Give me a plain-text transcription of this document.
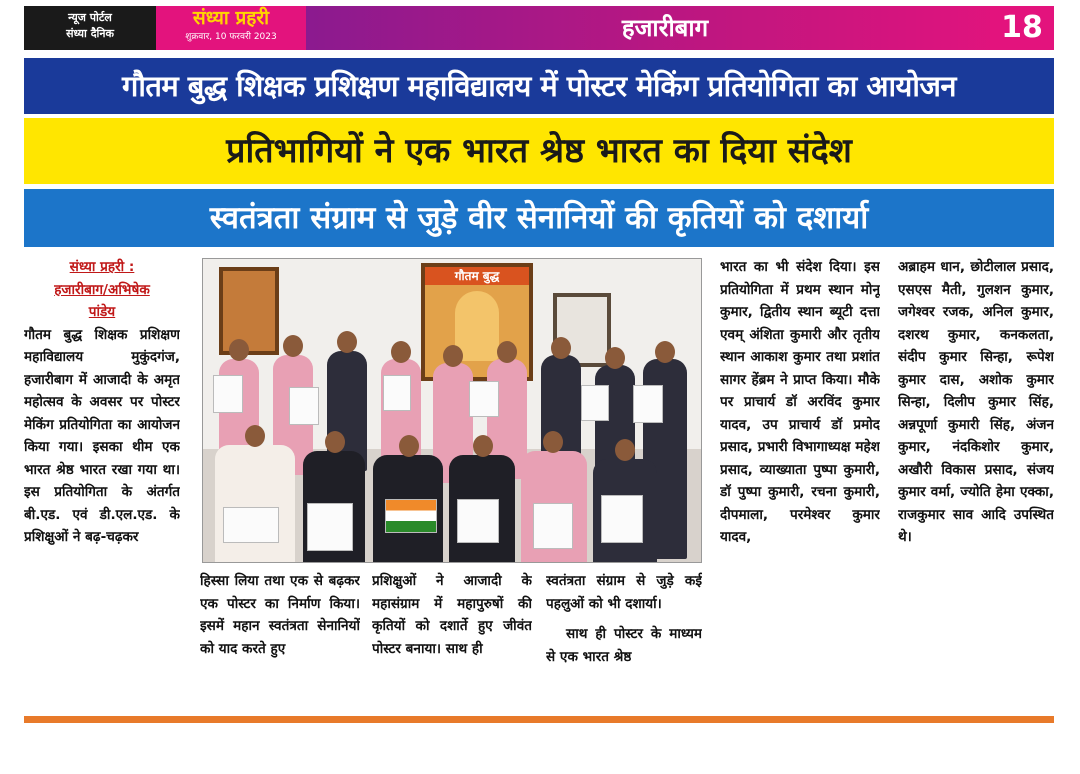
न्यूज पोर्टल
संध्या दैनिक
संध्या प्रहरी
शुक्रवार, 10 फरवरी 2023	हजारीबाग	18
गौतम बुद्ध शिक्षक प्रशिक्षण महाविद्यालय में पोस्टर मेकिंग प्रतियोगिता का आयोजन
प्रतिभागियों ने एक भारत श्रेष्ठ भारत का दिया संदेश
स्वतंत्रता संग्राम से जुड़े वीर सेनानियों की कृतियों को दशार्या
संध्या प्रहरी :
हजारीबाग/अभिषेक
पांडेय
गौतम बुद्ध शिक्षक प्रशिक्षण महाविद्यालय मुकुंदगंज, हजारीबाग में आजादी के अमृत महोत्सव के अवसर पर पोस्टर मेकिंग प्रतियोगिता का आयोजन किया गया। इसका थीम एक भारत श्रेष्ठ भारत रखा गया था। इस प्रतियोगिता के अंतर्गत बी.एड. एवं डी.एल.एड. के प्रशिक्षुओं ने बढ़-चढ़कर
गौतम बुद्ध
हिस्सा लिया तथा एक से बढ़कर एक पोस्टर का निर्माण किया। इसमें महान स्वतंत्रता सेनानियों को याद करते हुए
प्रशिक्षुओं ने आजादी के महासंग्राम में महापुरुषों की कृतियों को दशार्ते हुए जीवंत पोस्टर बनाया। साथ ही
स्वतंत्रता संग्राम से जुड़े कई पहलुओं को भी दशार्या।
साथ ही पोस्टर के माध्यम से एक भारत श्रेष्ठ
भारत का भी संदेश दिया। इस प्रतियोगिता में प्रथम स्थान मोनू कुमार, द्वितीय स्थान ब्यूटी दत्ता एवम् अंशिता कुमारी और तृतीय स्थान आकाश कुमार तथा प्रशांत सागर हेंब्रम ने प्राप्त किया। मौके पर प्राचार्य डॉ अरविंद कुमार यादव, उप प्राचार्य डॉ प्रमोद प्रसाद, प्रभारी विभागाध्यक्ष महेश प्रसाद, व्याख्याता पुष्पा कुमारी, डॉ पुष्पा कुमारी, रचना कुमारी, दीपमाला, परमेश्वर कुमार यादव,
अब्राहम धान, छोटीलाल प्रसाद, एसएस मैती, गुलशन कुमार, जगेश्वर रजक, अनिल कुमार, दशरथ कुमार, कनकलता, संदीप कुमार सिन्हा, रूपेश कुमार दास, अशोक कुमार सिन्हा, दिलीप कुमार सिंह, अन्नपूर्णा कुमारी सिंह, अंजन कुमार, नंदकिशोर कुमार, अखौरी विकास प्रसाद, संजय कुमार वर्मा, ज्योति हेमा एक्का, राजकुमार साव आदि उपस्थित थे।
